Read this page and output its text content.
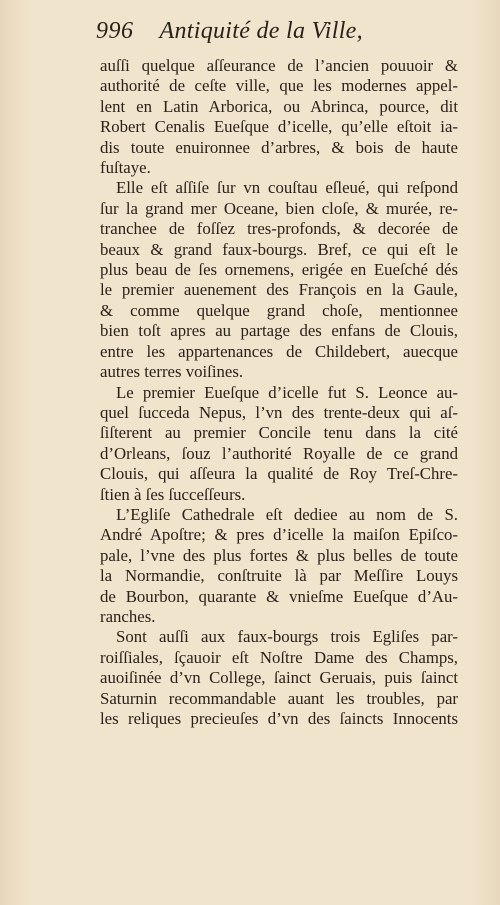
996 Antiquité de la Ville,
auſſi quelque aſſeurance de l’ancien pouuoir &
authorité de ceſte ville, que les modernes appel-
lent en Latin Arborica, ou Abrinca, pource, dit
Robert Cenalis Eueſque d’icelle, qu’elle eſtoit ia-
dis toute enuironnee d’arbres, & bois de haute
fuſtaye.
Elle eſt aſſiſe ſur vn couſtau eſleué, qui reſpond
ſur la grand mer Oceane, bien cloſe, & murée, re-
tranchee de foſſez tres-profonds, & decorée de
beaux & grand faux-bourgs. Bref, ce qui eſt le
plus beau de ſes ornemens, erigée en Eueſché dés
le premier auenement des François en la Gaule,
& comme quelque grand choſe, mentionnee
bien toſt apres au partage des enfans de Clouis,
entre les appartenances de Childebert, auecque
autres terres voiſines.
Le premier Eueſque d’icelle fut S. Leonce au-
quel ſucceda Nepus, l’vn des trente-deux qui aſ-
ſiſterent au premier Concile tenu dans la cité
d’Orleans, ſouz l’authorité Royalle de ce grand
Clouis, qui aſſeura la qualité de Roy Treſ-Chre-
ſtien à ſes ſucceſſeurs.
L’Egliſe Cathedrale eſt dediee au nom de S.
André Apoſtre; & pres d’icelle la maiſon Epiſco-
pale, l’vne des plus fortes & plus belles de toute
la Normandie, conſtruite là par Meſſire Louys
de Bourbon, quarante & vnieſme Eueſque d’Au-
ranches.
Sont auſſi aux faux-bourgs trois Egliſes par-
roiſſiales, ſçauoir eſt Noſtre Dame des Champs,
auoiſinée d’vn College, ſainct Geruais, puis ſainct
Saturnin recommandable auant les troubles, par
les reliques precieuſes d’vn des ſaincts Innocents
